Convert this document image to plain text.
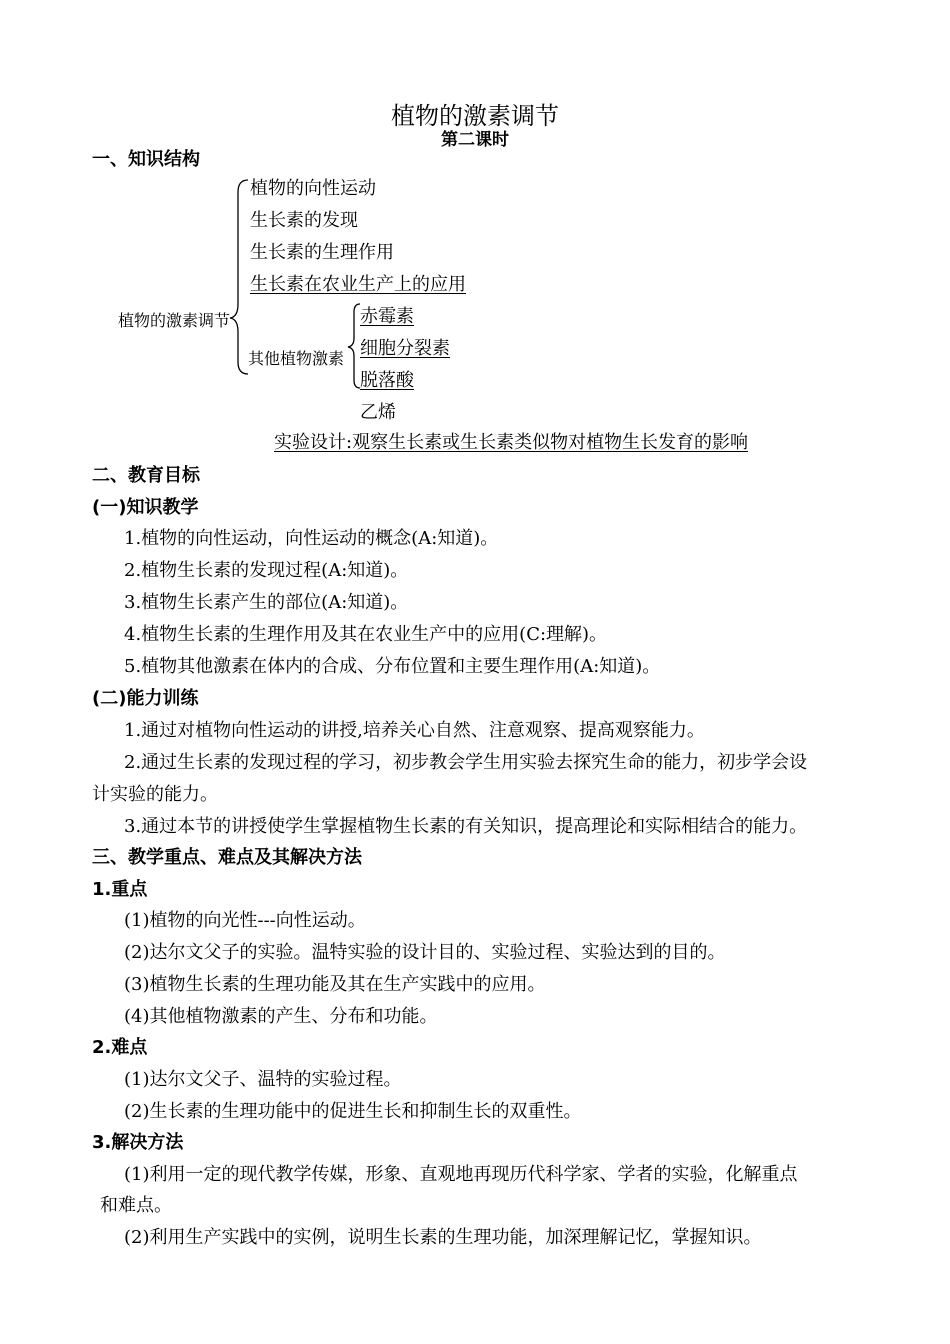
植物的激素调节
第二课时
一、知识结构
植物的激素调节
植物的向性运动
生长素的发现
生长素的生理作用
生长素在农业生产上的应用
其他植物激素
赤霉素
细胞分裂素
脱落酸
乙烯
实验设计:观察生长素或生长素类似物对植物生长发育的影响
二、教育目标
(一)知识教学
1.植物的向性运动，向性运动的概念(A:知道)。
2.植物生长素的发现过程(A:知道)。
3.植物生长素产生的部位(A:知道)。
4.植物生长素的生理作用及其在农业生产中的应用(C:理解)。
5.植物其他激素在体内的合成、分布位置和主要生理作用(A:知道)。
(二)能力训练
1.通过对植物向性运动的讲授,培养关心自然、注意观察、提高观察能力。
2.通过生长素的发现过程的学习，初步教会学生用实验去探究生命的能力，初步学会设
计实验的能力。
3.通过本节的讲授使学生掌握植物生长素的有关知识，提高理论和实际相结合的能力。
三、教学重点、难点及其解决方法
1.重点
(1)植物的向光性---向性运动。
(2)达尔文父子的实验。温特实验的设计目的、实验过程、实验达到的目的。
(3)植物生长素的生理功能及其在生产实践中的应用。
(4)其他植物激素的产生、分布和功能。
2.难点
(1)达尔文父子、温特的实验过程。
(2)生长素的生理功能中的促进生长和抑制生长的双重性。
3.解决方法
(1)利用一定的现代教学传媒，形象、直观地再现历代科学家、学者的实验，化解重点
和难点。
(2)利用生产实践中的实例，说明生长素的生理功能，加深理解记忆，掌握知识。
